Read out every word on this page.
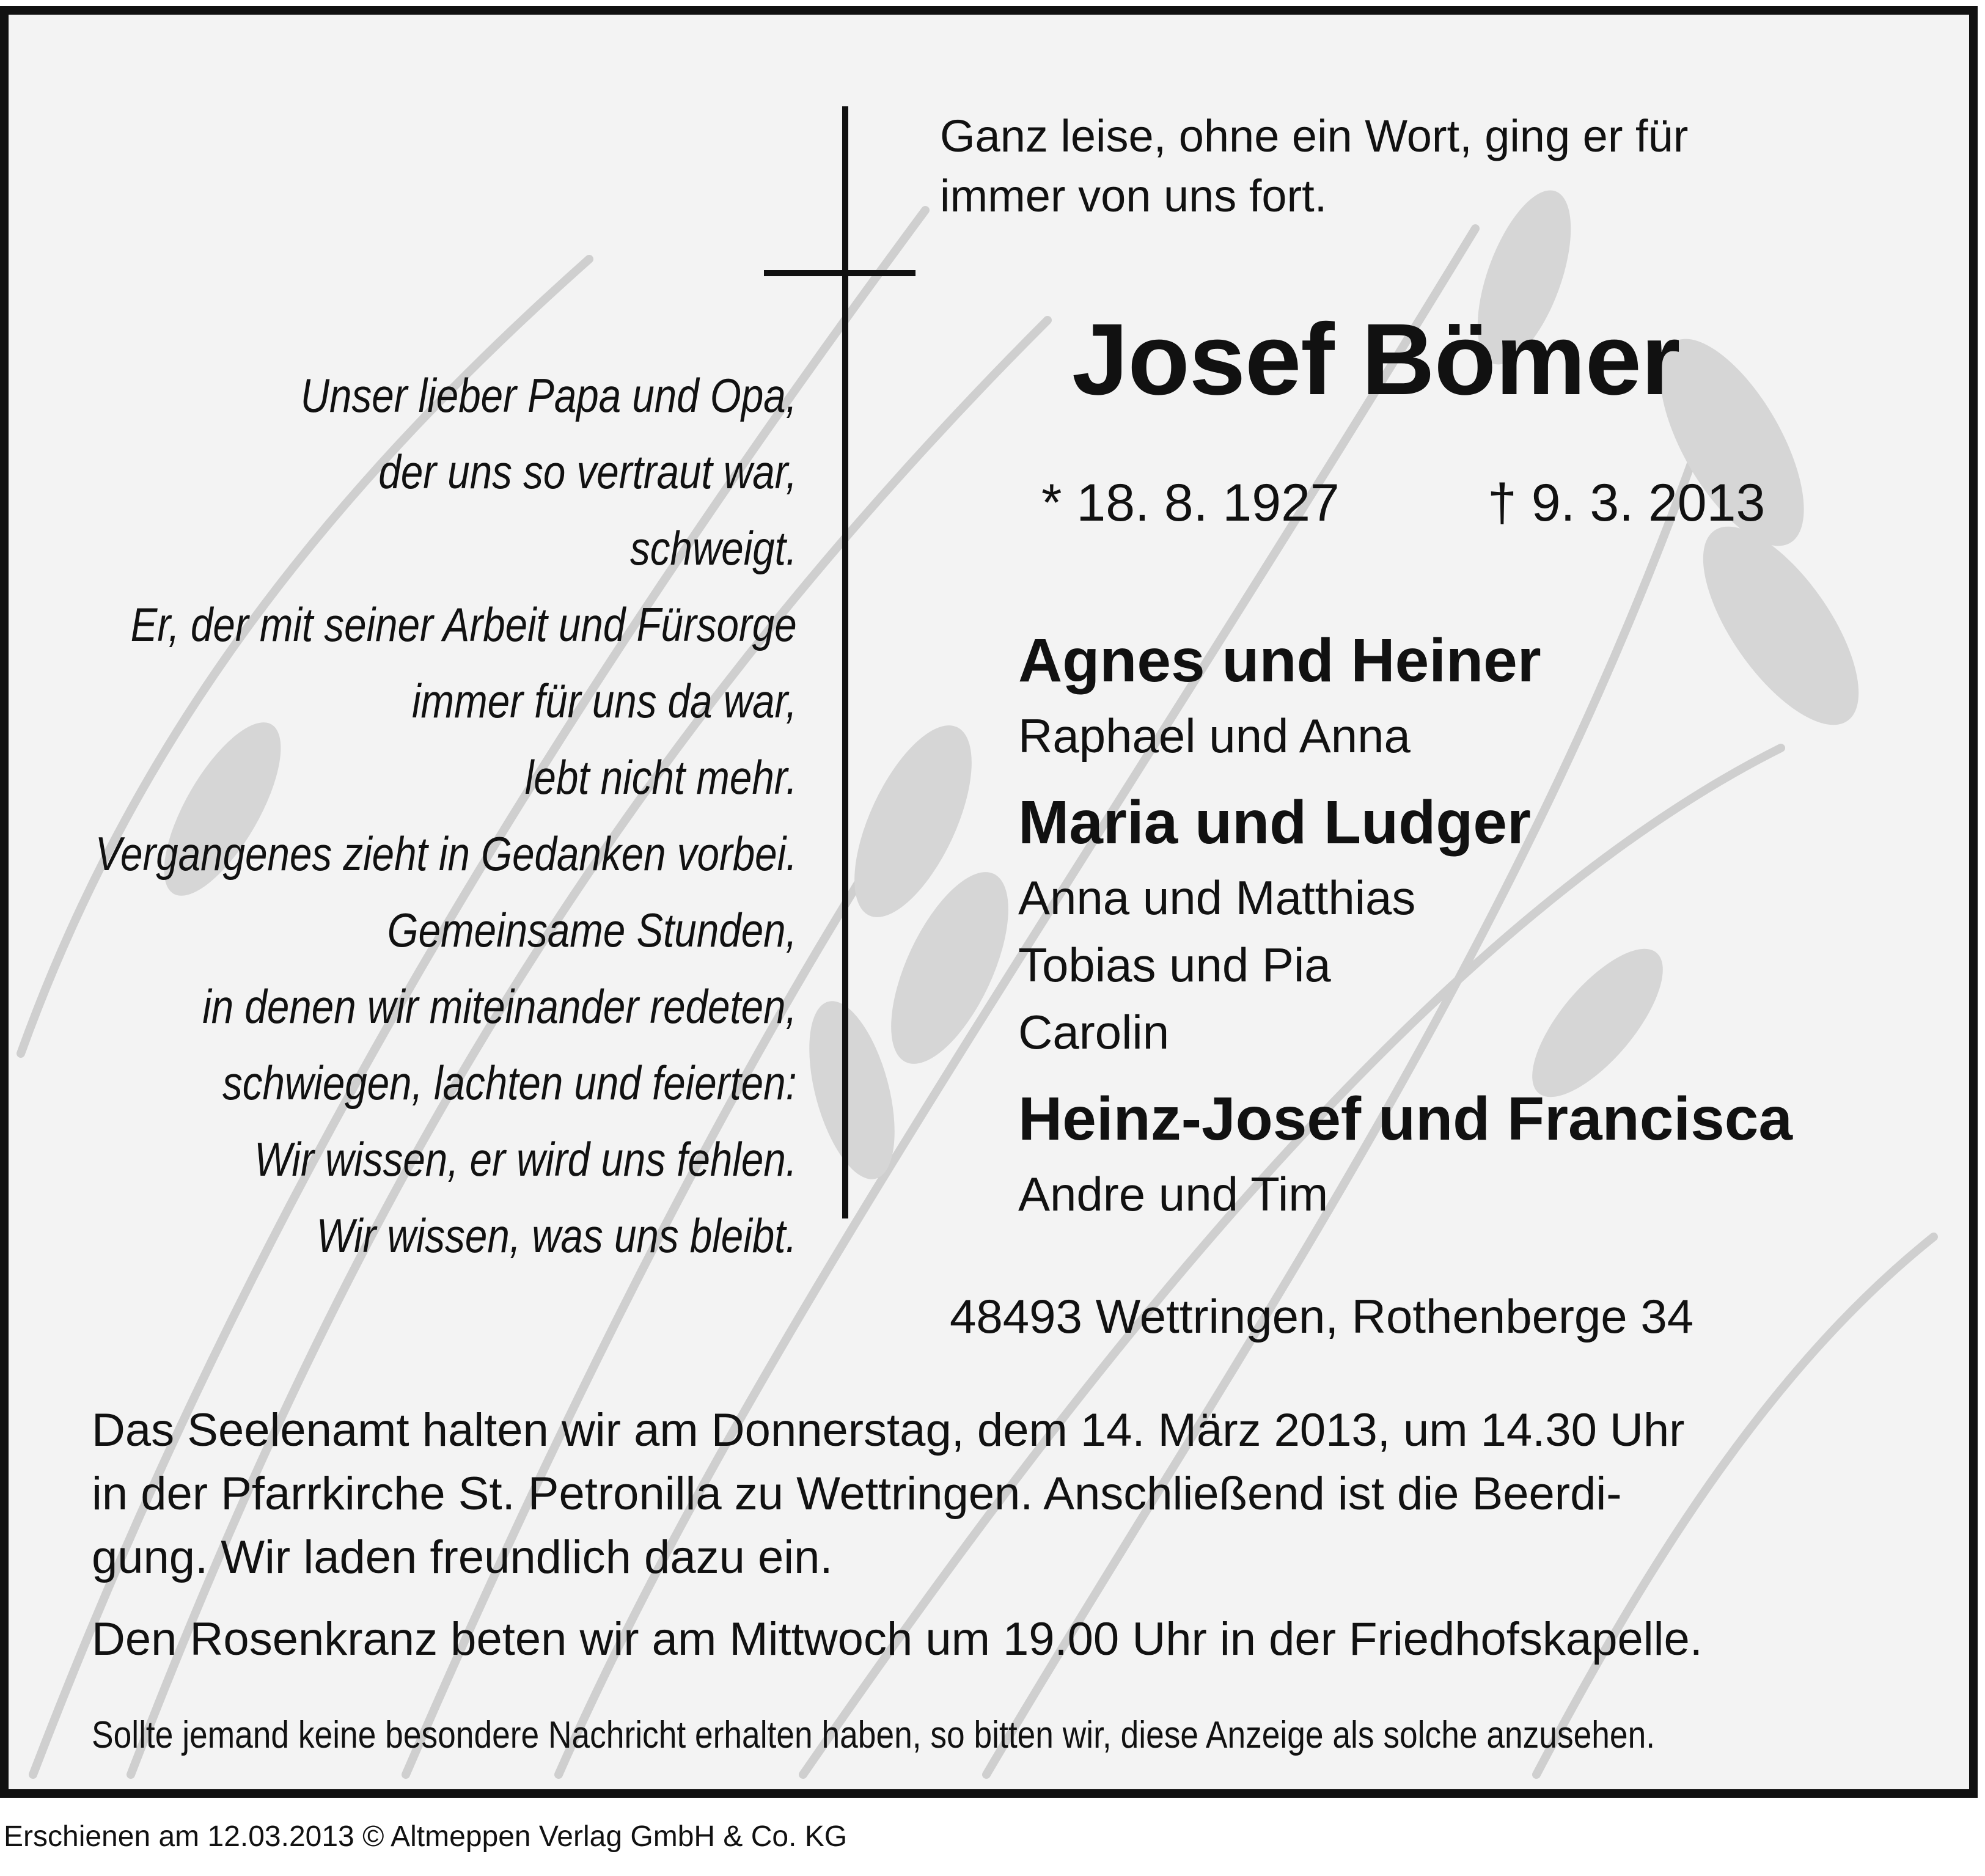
Unser lieber Papa und Opa,

der uns so vertraut war,

schweigt.

Er, der mit seiner Arbeit und Fürsorge

immer für uns da war,

lebt nicht mehr.

Vergangenes zieht in Gedanken vorbei.

Gemeinsame Stunden,

in denen wir miteinander redeten,

schwiegen, lachten und feierten:

Wir wissen, er wird uns fehlen.

Wir wissen, was uns bleibt.

Ganz leise, ohne ein Wort, ging er für
immer von uns fort.
Josef Bömer
* 18. 8. 1927	† 9. 3. 2013
Agnes und Heiner
Raphael und Anna
Maria und Ludger
Anna und Matthias
Tobias und Pia
Carolin
Heinz-Josef und Francisca
Andre und Tim
48493 Wettringen, Rothenberge 34
Das Seelenamt halten wir am Donnerstag, dem 14. März 2013, um 14.30 Uhr
in der Pfarrkirche St. Petronilla zu Wettringen. Anschließend ist die Beerdi-
gung. Wir laden freundlich dazu ein.
Den Rosenkranz beten wir am Mittwoch um 19.00 Uhr in der Friedhofskapelle.
Sollte jemand keine besondere Nachricht erhalten haben, so bitten wir, diese Anzeige als solche anzusehen.
Erschienen am 12.03.2013 © Altmeppen Verlag GmbH & Co. KG
